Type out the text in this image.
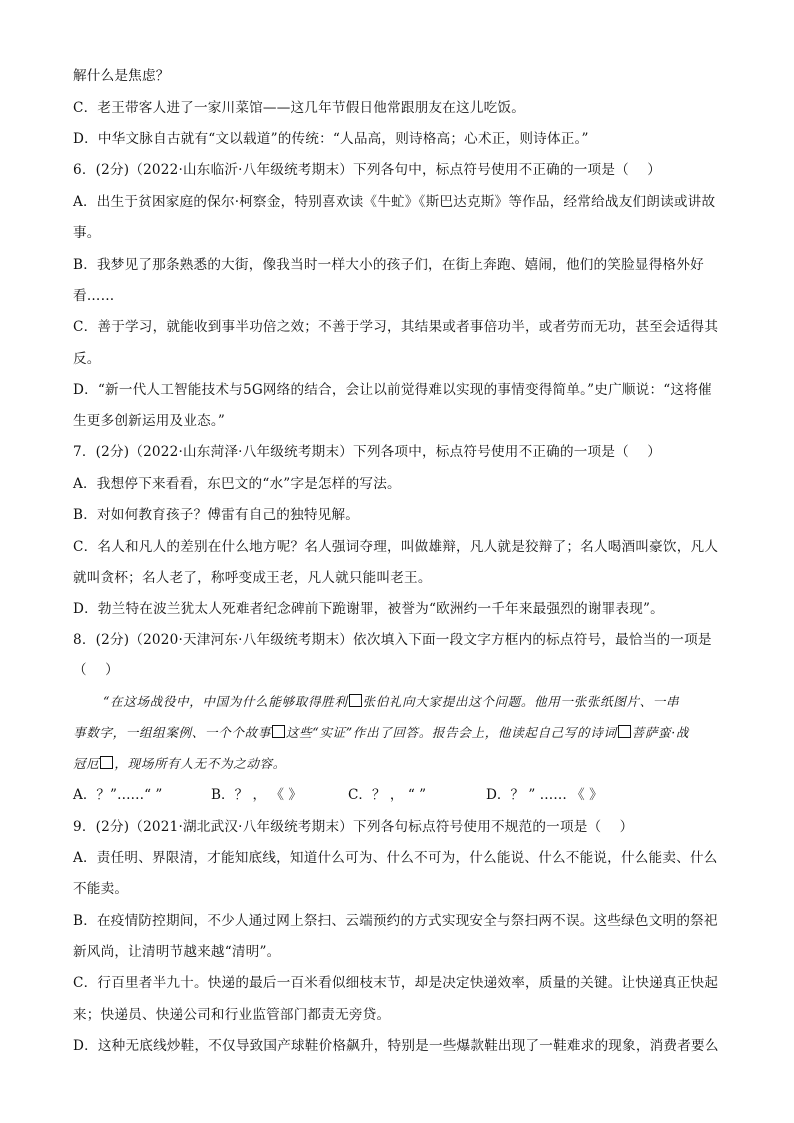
解什么是焦虑？
C．老王带客人进了一家川菜馆——这几年节假日他常跟朋友在这儿吃饭。
D．中华文脉自古就有“文以载道”的传统：“人品高，则诗格高；心术正，则诗体正。”
6．(2分)（2022·山东临沂·八年级统考期末）下列各句中，标点符号使用不正确的一项是（　 ）
A．出生于贫困家庭的保尔·柯察金，特别喜欢读《牛虻》《斯巴达克斯》等作品，经常给战友们朗读或讲故
事。
B．我梦见了那条熟悉的大街，像我当时一样大小的孩子们，在街上奔跑、嬉闹，他们的笑脸显得格外好
看……
C．善于学习，就能收到事半功倍之效；不善于学习，其结果或者事倍功半，或者劳而无功，甚至会适得其
反。
D．“新一代人工智能技术与5G网络的结合，会让以前觉得难以实现的事情变得简单。”史广顺说：“这将催
生更多创新运用及业态。”
7．(2分)（2022·山东菏泽·八年级统考期末）下列各项中，标点符号使用不正确的一项是（　 ）
A．我想停下来看看，东巴文的“水”字是怎样的写法。
B．对如何教育孩子？傅雷有自己的独特见解。
C．名人和凡人的差别在什么地方呢？名人强词夺理，叫做雄辩，凡人就是狡辩了；名人喝酒叫豪饮，凡人
就叫贪杯；名人老了，称呼变成王老，凡人就只能叫老王。
D．勃兰特在波兰犹太人死难者纪念碑前下跪谢罪，被誉为“欧洲约一千年来最强烈的谢罪表现”。
8．(2分)（2020·天津河东·八年级统考期末）依次填入下面一段文字方框内的标点符号，最恰当的一项是
（　 ）
“在这场战役中，中国为什么能够取得胜利 张伯礼向大家提出这个问题。他用一张张纸图片、一串
事数字，一组组案例、一个个故事 这些“实证”作出了回答。报告会上，他读起自己写的诗词 菩萨蛮·战
冠厄 ，现场所有人无不为之动容。
A．？”……“ ”	B．？ ， 《 》	C．？ ， “ ”	D．？ ” …… 《 》
9．(2分)（2021·湖北武汉·八年级统考期末）下列各句标点符号使用不规范的一项是（　 ）
A．责任明、界限清，才能知底线，知道什么可为、什么不可为，什么能说、什么不能说，什么能卖、什么
不能卖。
B．在疫情防控期间，不少人通过网上祭扫、云端预约的方式实现安全与祭扫两不误。这些绿色文明的祭祀
新风尚，让清明节越来越“清明”。
C．行百里者半九十。快递的最后一百米看似细枝末节，却是决定快递效率，质量的关键。让快递真正快起
来；快递员、快递公司和行业监管部门都责无旁贷。
D．这种无底线炒鞋，不仅导致国产球鞋价格飙升，特别是一些爆款鞋出现了一鞋难求的现象，消费者要么
